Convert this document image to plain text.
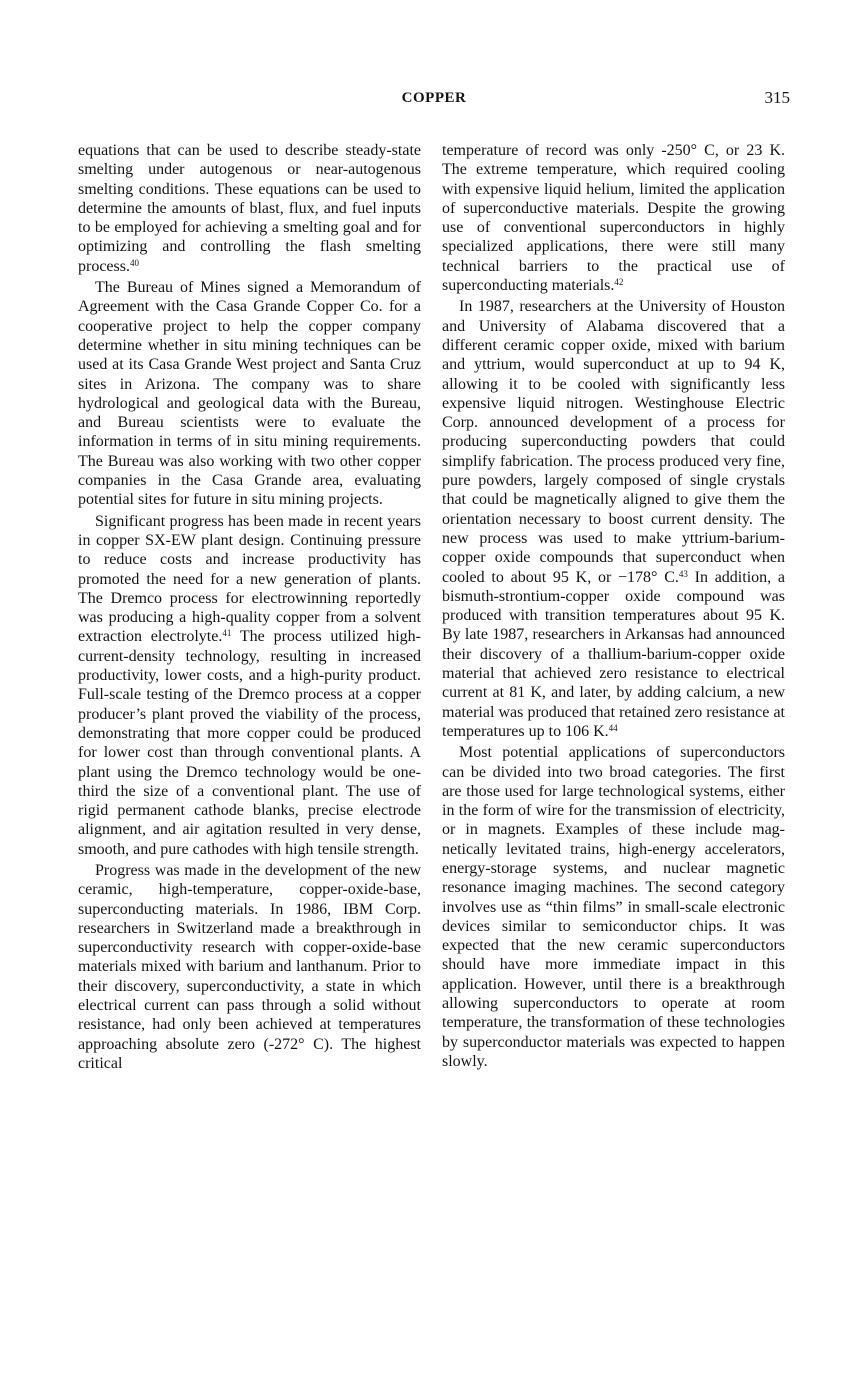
COPPER	315

equations that can be used to describe steady-state smelting under autogenous or near-autogenous smelting conditions. These equations can be used to determine the amounts of blast, flux, and fuel inputs to be employed for achieving a smelting goal and for optimizing and controlling the flash smelting process.$^{40}$

The Bureau of Mines signed a Memorandum of Agreement with the Casa Grande Copper Co. for a cooperative project to help the copper company determine whether in situ mining techniques can be used at its Casa Grande West project and Santa Cruz sites in Arizona. The company was to share hydrological and geological data with the Bureau, and Bureau scientists were to evaluate the information in terms of in situ mining requirements. The Bureau was also working with two other copper companies in the Casa Grande area, evaluating potential sites for future in situ mining projects.

Significant progress has been made in recent years in copper SX-EW plant design. Continuing pressure to reduce costs and increase productivity has promoted the need for a new generation of plants. The Dremco process for electrowinning reportedly was producing a high-quality copper from a solvent extraction electrolyte.$^{41}$ The process utilized high-current-density technology, resulting in increased productivity, lower costs, and a high-purity product. Full-scale testing of the Dremco process at a copper producer’s plant proved the viability of the process, demonstrating that more copper could be produced for lower cost than through conventional plants. A plant using the Dremco technology would be one-third the size of a conventional plant. The use of rigid permanent cathode blanks, precise electrode alignment, and air agitation resulted in very dense, smooth, and pure cathodes with high tensile strength.

Progress was made in the development of the new ceramic, high-temperature, copper-oxide-base, superconducting materials. In 1986, IBM Corp. researchers in Switzerland made a breakthrough in superconductivity research with copper-oxide-base materials mixed with barium and lanthanum. Prior to their discovery, superconductivity, a state in which electrical current can pass through a solid without resistance, had only been achieved at temperatures approaching absolute zero (-272° C). The highest critical

temperature of record was only -250° C, or 23 K. The extreme temperature, which required cooling with expensive liquid helium, limited the application of superconductive materials. Despite the growing use of conventional superconductors in highly specialized applications, there were still many technical barriers to the practical use of superconducting materials.$^{42}$

In 1987, researchers at the University of Houston and University of Alabama discovered that a different ceramic copper oxide, mixed with barium and yttrium, would superconduct at up to 94 K, allowing it to be cooled with significantly less expensive liquid nitrogen. Westinghouse Electric Corp. announced development of a process for producing superconducting powders that could simplify fabrication. The process produced very fine, pure powders, largely composed of single crystals that could be magnetically aligned to give them the orientation necessary to boost current density. The new process was used to make yttrium-barium-copper oxide compounds that superconduct when cooled to about 95 K, or −178° C.$^{43}$ In addition, a bismuth-strontium-copper oxide compound was produced with transition temperatures about 95 K. By late 1987, researchers in Arkansas had announced their discovery of a thallium-barium-copper oxide material that achieved zero resistance to electrical current at 81 K, and later, by adding calcium, a new material was produced that retained zero resistance at temperatures up to 106 K.$^{44}$

Most potential applications of superconductors can be divided into two broad categories. The first are those used for large technological systems, either in the form of wire for the transmission of electricity, or in magnets. Examples of these include magnetically levitated trains, high-energy accelerators, energy-storage systems, and nuclear magnetic resonance imaging machines. The second category involves use as “thin films” in small-scale electronic devices similar to semiconductor chips. It was expected that the new ceramic superconductors should have more immediate impact in this application. However, until there is a breakthrough allowing superconductors to operate at room temperature, the transformation of these technologies by superconductor materials was expected to happen slowly.
